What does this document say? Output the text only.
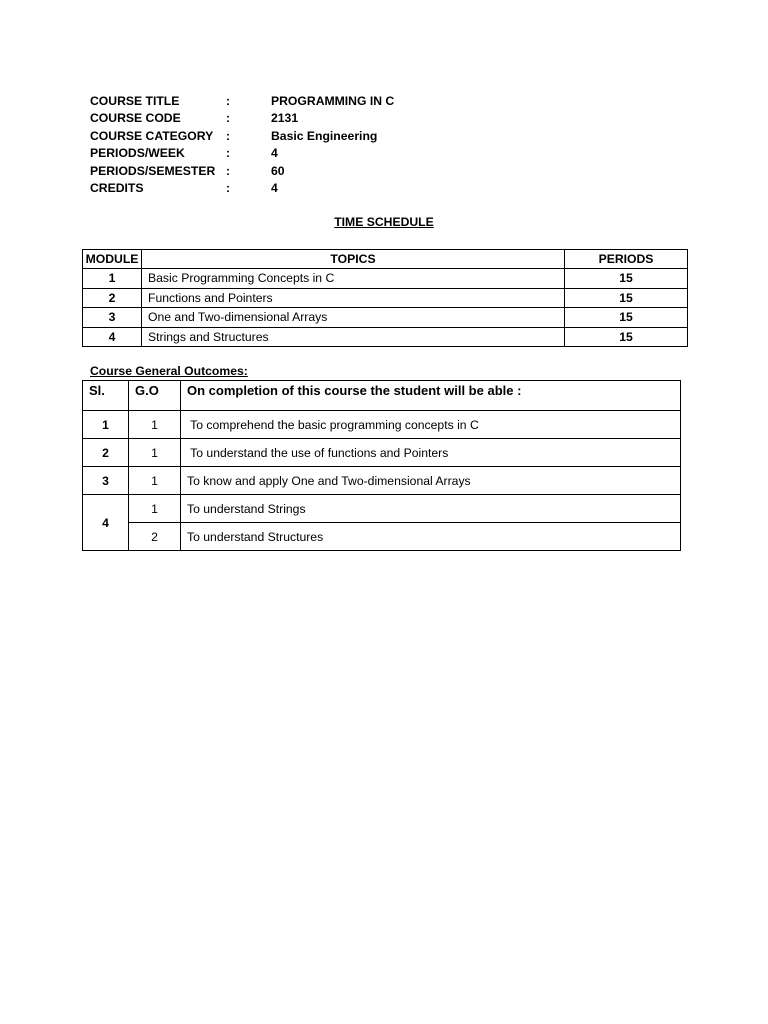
COURSE TITLE	:	PROGRAMMING IN C
COURSE CODE	:	2131
COURSE CATEGORY :	Basic Engineering
PERIODS/WEEK	:	4
PERIODS/SEMESTER :	60
CREDITS	:	4
TIME SCHEDULE
MODULE	TOPICS	PERIODS
1	Basic Programming Concepts in C	15
2	Functions and Pointers	15
3	One and Two-dimensional Arrays	15
4	Strings and Structures	15
Course General Outcomes:
Sl.	G.O	On completion of this course the student will be able :
1	1	To comprehend the basic programming concepts in C
2	1	To understand the use of functions and Pointers
3	1	To know and apply One and Two-dimensional Arrays
4	1	To understand Strings
	2	To understand Structures
